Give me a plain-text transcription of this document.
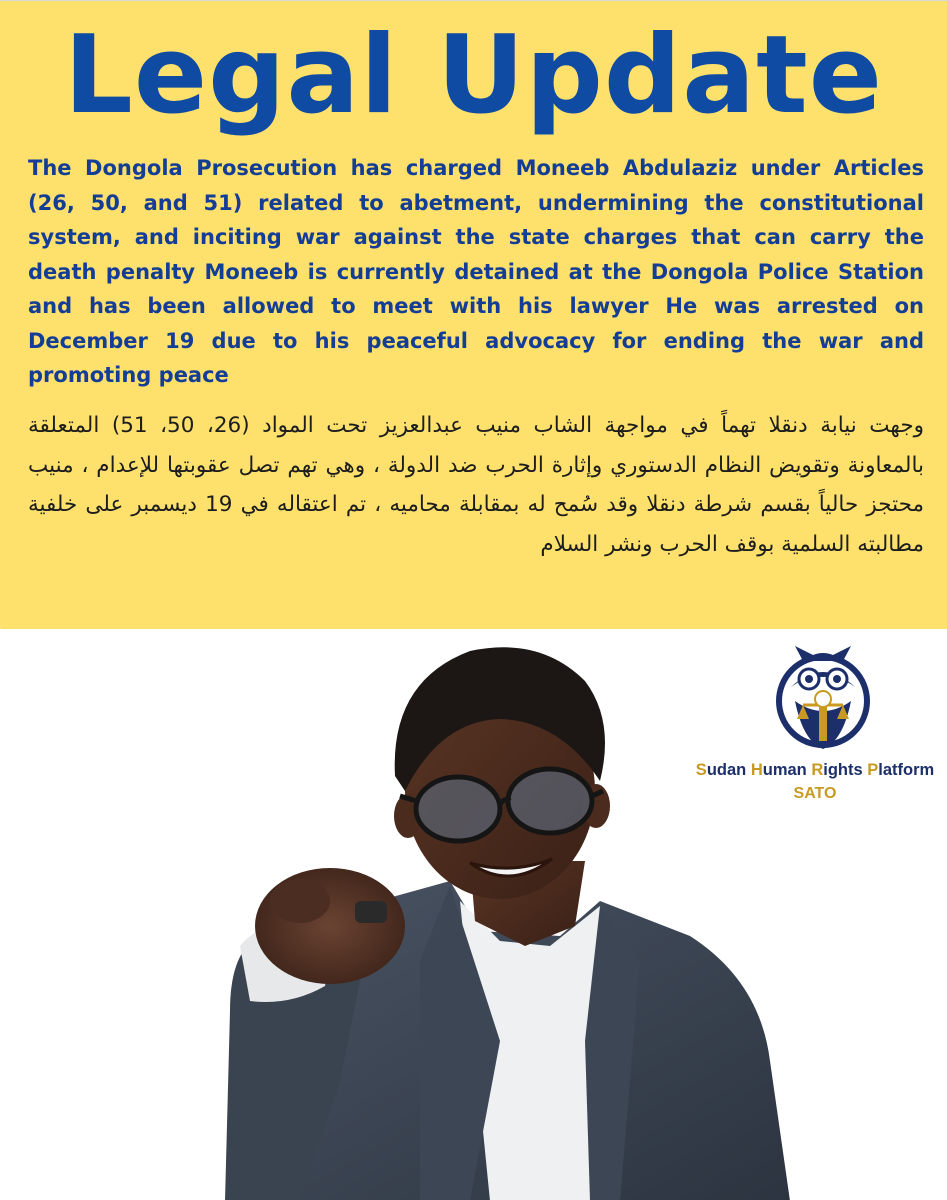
Legal Update
The Dongola Prosecution has charged Moneeb Abdulaziz under Articles (26, 50, and 51) related to abetment, undermining the constitutional system, and inciting war against the state charges that can carry the death penalty Moneeb is currently detained at the Dongola Police Station and has been allowed to meet with his lawyer He was arrested on December 19 due to his peaceful advocacy for ending the war and promoting peace
وجهت نيابة دنقلا تهماً في مواجهة الشاب منيب عبدالعزيز تحت المواد (26، 50، 51) المتعلقة بالمعاونة وتقويض النظام الدستوري وإثارة الحرب ضد الدولة ، وهي تهم تصل عقوبتها للإعدام ، منيب محتجز حالياً بقسم شرطة دنقلا وقد سُمح له بمقابلة محاميه ، تم اعتقاله في 19 ديسمبر على خلفية مطالبته السلمية بوقف الحرب ونشر السلام
Sudan Human Rights Platform
SATO
